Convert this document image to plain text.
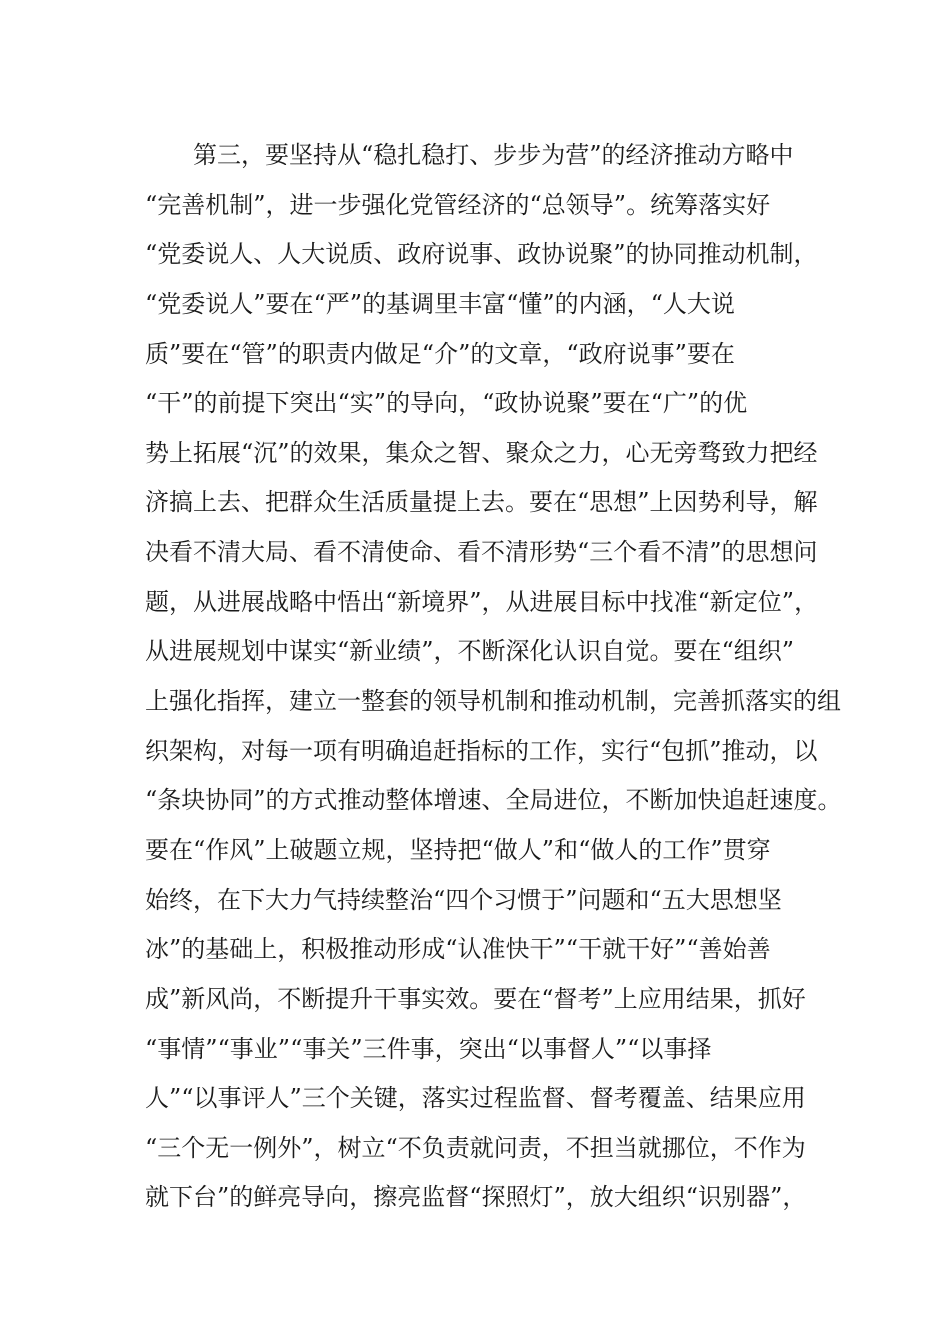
第三，要坚持从“稳扎稳打、步步为营”的经济推动方略中
“完善机制”，进一步强化党管经济的“总领导”。统筹落实好
“党委说人、人大说质、政府说事、政协说聚”的协同推动机制，
“党委说人”要在“严”的基调里丰富“懂”的内涵，“人大说
质”要在“管”的职责内做足“介”的文章，“政府说事”要在
“干”的前提下突出“实”的导向，“政协说聚”要在“广”的优
势上拓展“沉”的效果，集众之智、聚众之力，心无旁骛致力把经
济搞上去、把群众生活质量提上去。要在“思想”上因势利导，解
决看不清大局、看不清使命、看不清形势“三个看不清”的思想问
题，从进展战略中悟出“新境界”，从进展目标中找准“新定位”，
从进展规划中谋实“新业绩”，不断深化认识自觉。要在“组织”
上强化指挥，建立一整套的领导机制和推动机制，完善抓落实的组
织架构，对每一项有明确追赶指标的工作，实行“包抓”推动，以
“条块协同”的方式推动整体增速、全局进位，不断加快追赶速度。
要在“作风”上破题立规，坚持把“做人”和“做人的工作”贯穿
始终，在下大力气持续整治“四个习惯于”问题和“五大思想坚
冰”的基础上，积极推动形成“认准快干”“干就干好”“善始善
成”新风尚，不断提升干事实效。要在“督考”上应用结果，抓好
“事情”“事业”“事关”三件事，突出“以事督人”“以事择
人”“以事评人”三个关键，落实过程监督、督考覆盖、结果应用
“三个无一例外”，树立“不负责就问责，不担当就挪位，不作为
就下台”的鲜亮导向，擦亮监督“探照灯”，放大组织“识别器”，
